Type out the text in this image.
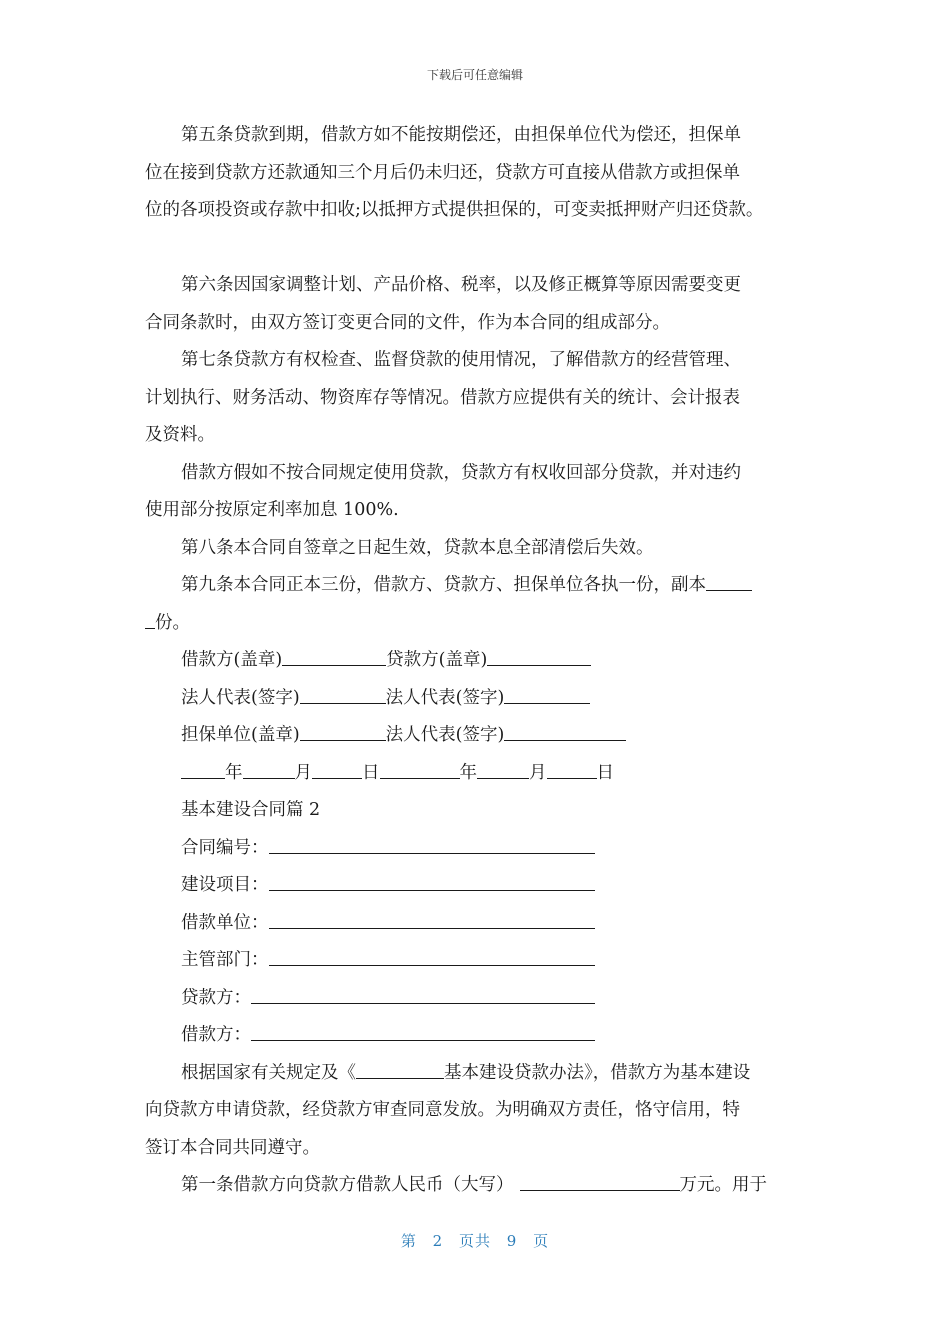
下载后可任意编辑
第五条贷款到期，借款方如不能按期偿还，由担保单位代为偿还，担保单
位在接到贷款方还款通知三个月后仍未归还，贷款方可直接从借款方或担保单
位的各项投资或存款中扣收;以抵押方式提供担保的，可变卖抵押财产归还贷款。
第六条因国家调整计划、产品价格、税率，以及修正概算等原因需要变更
合同条款时，由双方签订变更合同的文件，作为本合同的组成部分。
第七条贷款方有权检查、监督贷款的使用情况，了解借款方的经营管理、
计划执行、财务活动、物资库存等情况。借款方应提供有关的统计、会计报表
及资料。
借款方假如不按合同规定使用贷款，贷款方有权收回部分贷款，并对违约
使用部分按原定利率加息 100%.
第八条本合同自签章之日起生效，贷款本息全部清偿后失效。
第九条本合同正本三份，借款方、贷款方、担保单位各执一份，副本
份。
借款方(盖章)	贷款方(盖章)
法人代表(签字)	法人代表(签字)
担保单位(盖章)	法人代表(签字)
年	月	日	年	月	日
基本建设合同篇 2
合同编号：
建设项目：
借款单位：
主管部门：
贷款方：
借款方：
根据国家有关规定及《	基本建设贷款办法》，借款方为基本建设
向贷款方申请贷款，经贷款方审查同意发放。为明确双方责任，恪守信用，特
签订本合同共同遵守。
第一条借款方向贷款方借款人民币（大写）	万元。用于
第 2 页共 9 页
